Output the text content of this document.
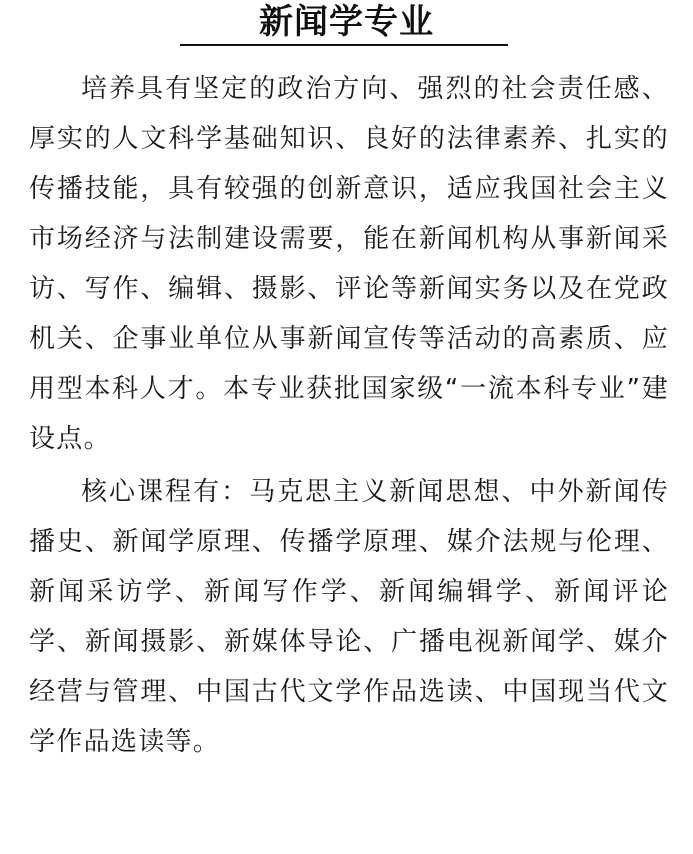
新闻学专业

培养具有坚定的政治方向、强烈的社会责任感、厚实的人文科学基础知识、良好的法律素养、扎实的传播技能，具有较强的创新意识，适应我国社会主义市场经济与法制建设需要，能在新闻机构从事新闻采访、写作、编辑、摄影、评论等新闻实务以及在党政机关、企事业单位从事新闻宣传等活动的高素质、应用型本科人才。本专业获批国家级“一流本科专业”建设点。

核心课程有：马克思主义新闻思想、中外新闻传播史、新闻学原理、传播学原理、媒介法规与伦理、新闻采访学、新闻写作学、新闻编辑学、新闻评论学、新闻摄影、新媒体导论、广播电视新闻学、媒介经营与管理、中国古代文学作品选读、中国现当代文学作品选读等。
